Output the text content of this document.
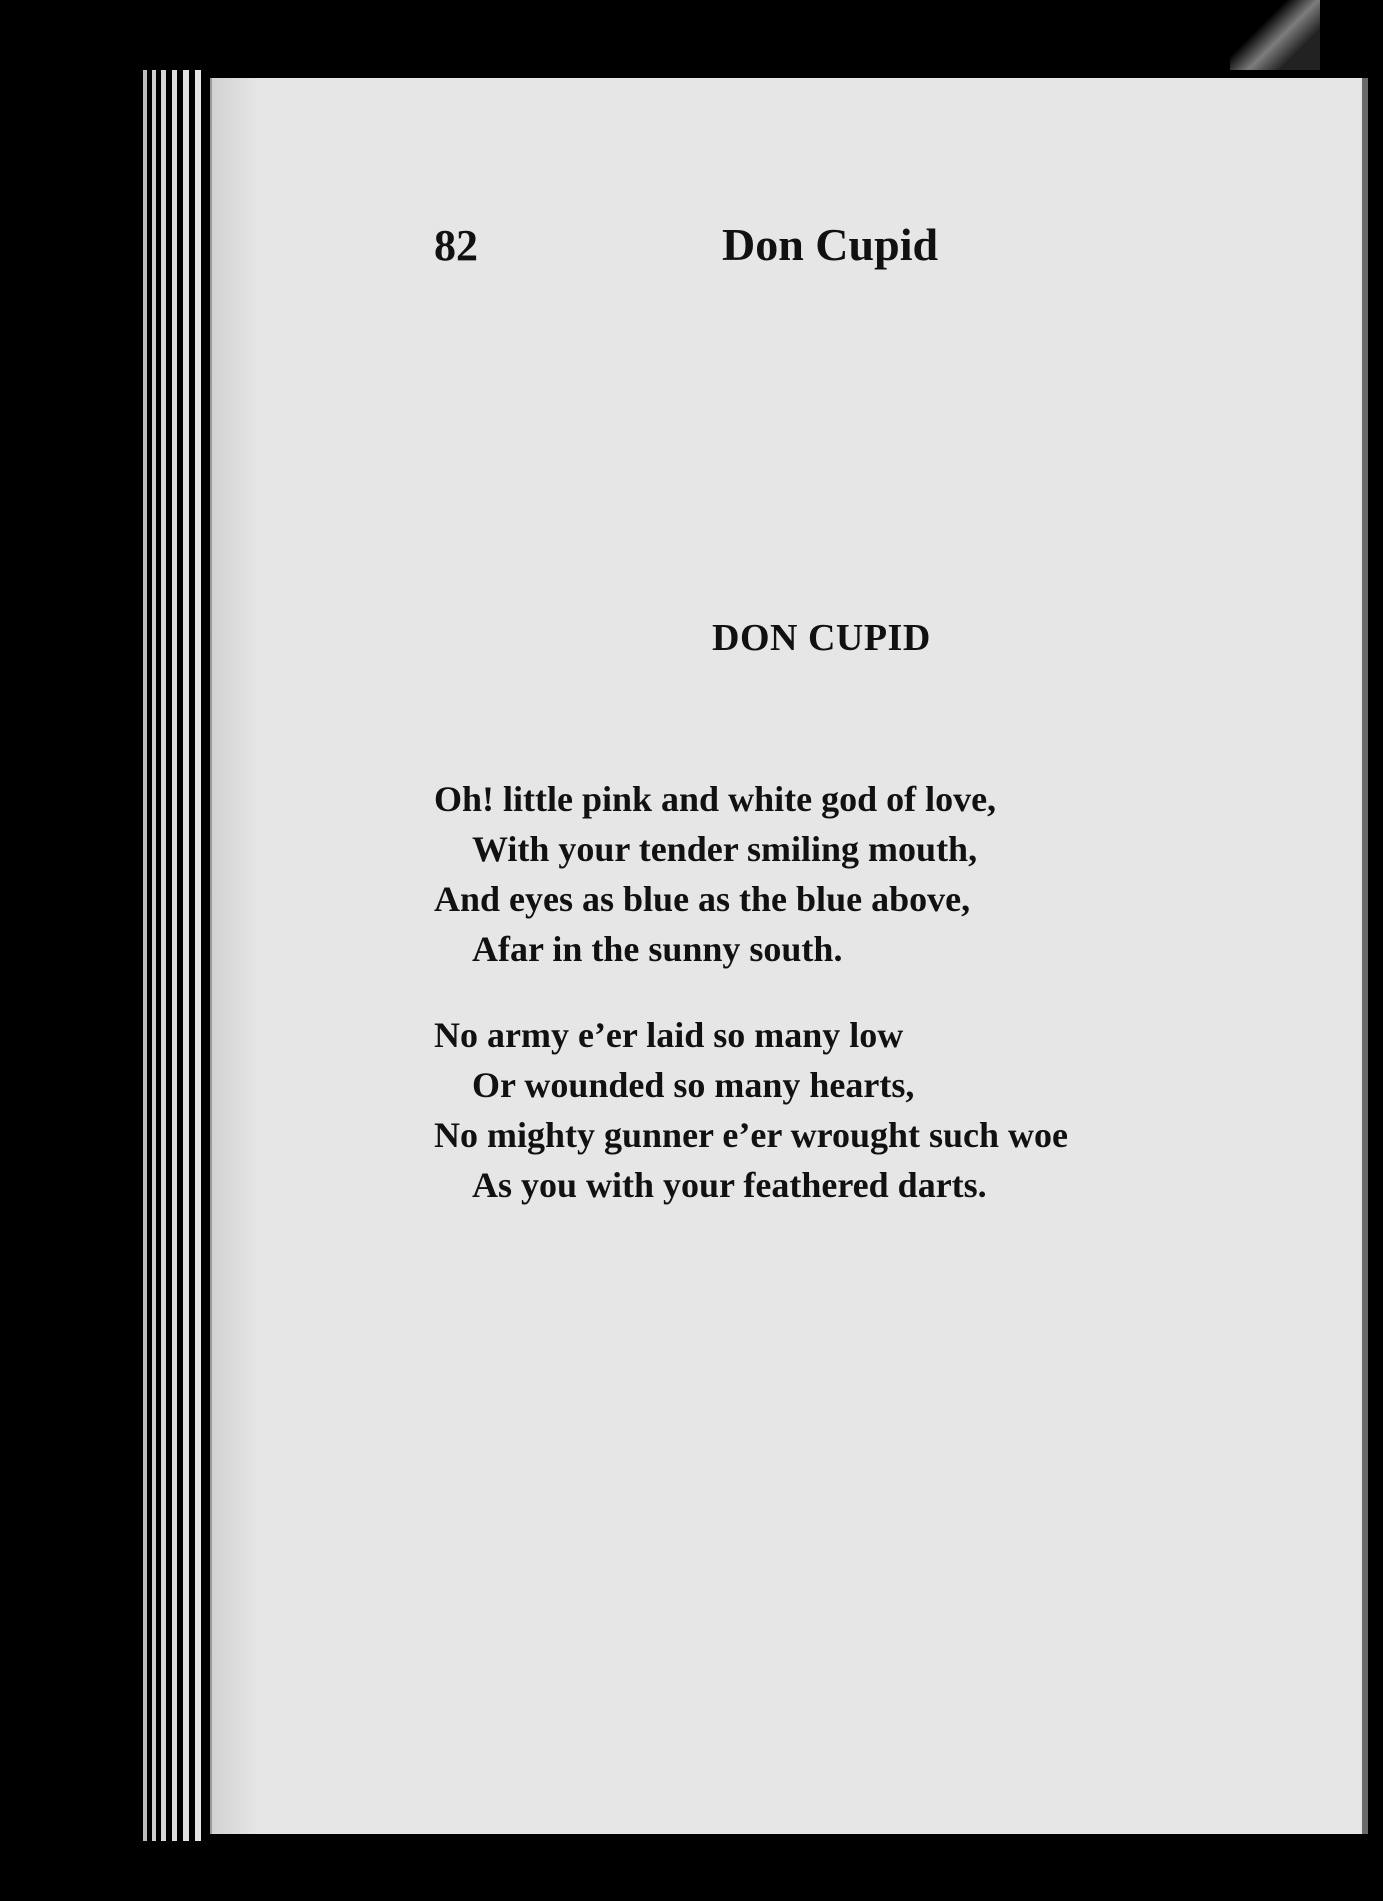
82	Don Cupid
DON CUPID
Oh! little pink and white god of love,
With your tender smiling mouth,
And eyes as blue as the blue above,
Afar in the sunny south.
No army e’er laid so many low
Or wounded so many hearts,
No mighty gunner e’er wrought such woe
As you with your feathered darts.
